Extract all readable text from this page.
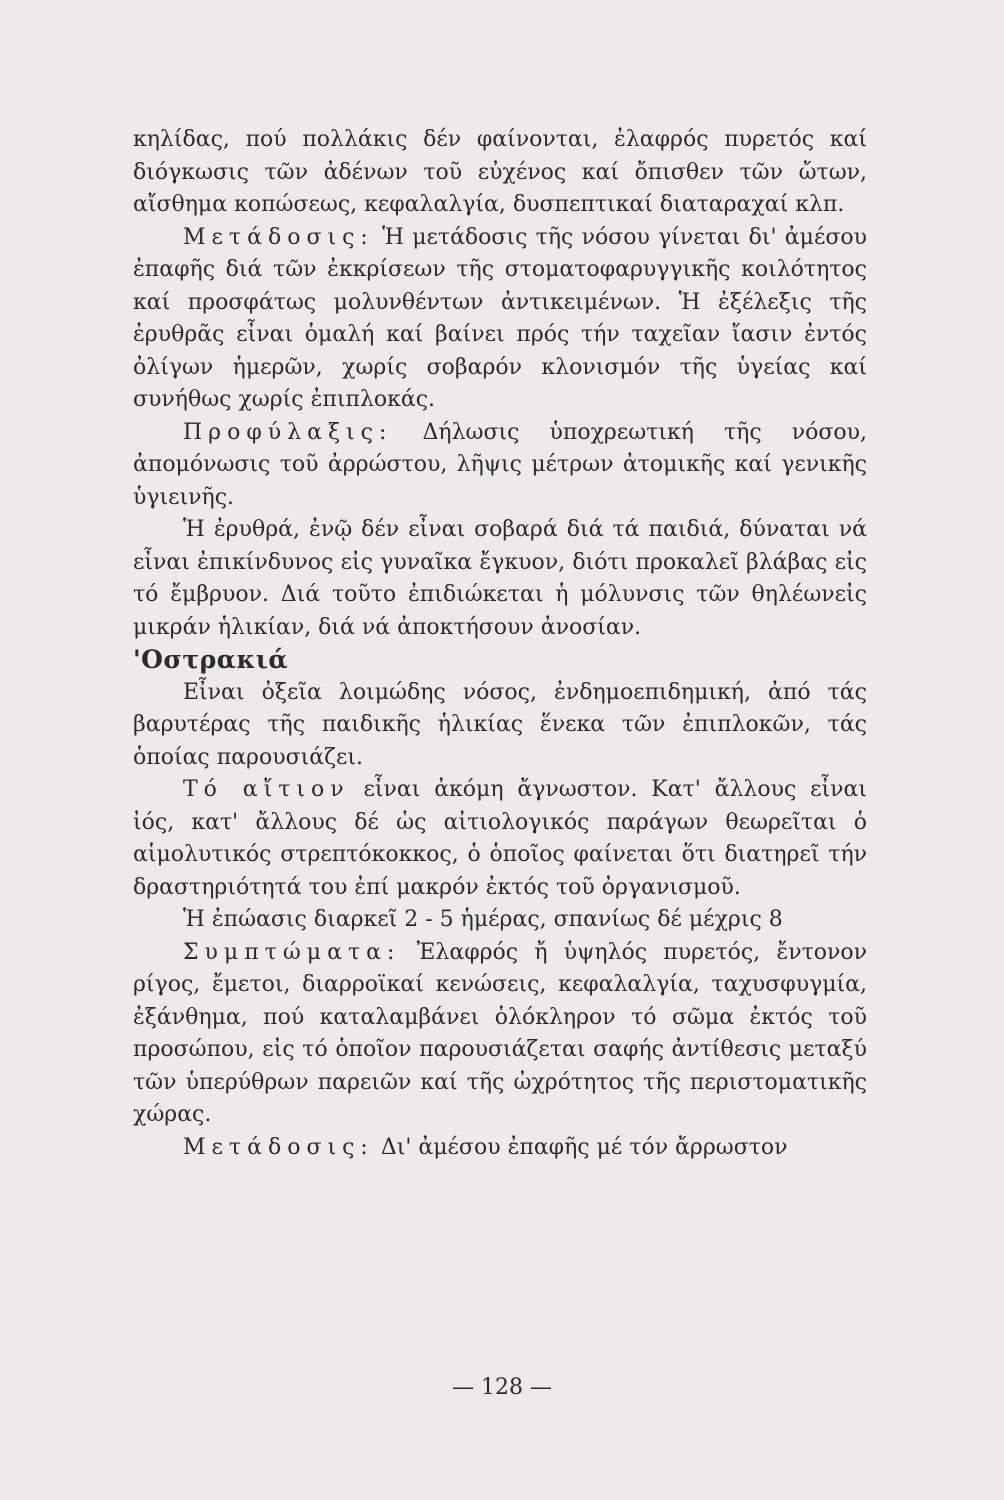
κηλίδας, πού πολλάκις δέν φαίνονται, ἐλαφρός πυρετός καί διόγκωσις τῶν ἀδένων τοῦ εὐχένος καί ὄπισθεν τῶν ὤτων, αἴσθημα κοπώσεως, κεφαλαλγία, δυσπεπτικαί διαταραχαί κλπ.

Μετάδοσις: Ἡ μετάδοσις τῆς νόσου γίνεται δι' ἀμέσου ἐπαφῆς διά τῶν ἐκκρίσεων τῆς στοματοφαρυγγικῆς κοιλότητος καί προσφάτως μολυνθέντων ἀντικειμένων. Ἡ ἐξέλεξις τῆς ἐρυθρᾶς εἶναι ὁμαλή καί βαίνει πρός τήν ταχεῖαν ἴασιν ἐντός ὀλίγων ἡμερῶν, χωρίς σοβαρόν κλονισμόν τῆς ὑγείας καί συνήθως χωρίς ἐπιπλοκάς.

Προφύλαξις: Δήλωσις ὑποχρεωτική τῆς νόσου, ἀπομόνωσις τοῦ ἀρρώστου, λῆψις μέτρων ἀτομικῆς καί γενικῆς ὑγιεινῆς.

Ἡ ἐρυθρά, ἐνῷ δέν εἶναι σοβαρά διά τά παιδιά, δύναται νά εἶναι ἐπικίνδυνος εἰς γυναῖκα ἔγκυον, διότι προκαλεῖ βλάβας εἰς τό ἔμβρυον. Διά τοῦτο ἐπιδιώκεται ἡ μόλυνσις τῶν θηλέωνεἰς μικράν ἡλικίαν, διά νά ἀποκτήσουν ἀνοσίαν.

'Οστρακιά

Εἶναι ὀξεῖα λοιμώδης νόσος, ἐνδημοεπιδημική, ἀπό τάς βαρυτέρας τῆς παιδικῆς ἡλικίας ἕνεκα τῶν ἐπιπλοκῶν, τάς ὁποίας παρουσιάζει.

Τό αἴτιον εἶναι ἀκόμη ἄγνωστον. Κατ' ἄλλους εἶναι ἰός, κατ' ἄλλους δέ ὡς αἰτιολογικός παράγων θεωρεῖται ὁ αἱμολυτικός στρεπτόκοκκος, ὁ ὁποῖος φαίνεται ὅτι διατηρεῖ τήν δραστηριότητά του ἐπί μακρόν ἐκτός τοῦ ὀργανισμοῦ.

Ἡ ἐπώασις διαρκεῖ 2 - 5 ἡμέρας, σπανίως δέ μέχρις 8

Συμπτώματα: Ἐλαφρός ἤ ὑψηλός πυρετός, ἔντονον ρίγος, ἔμετοι, διαρροϊκαί κενώσεις, κεφαλαλγία, ταχυσφυγμία, ἐξάνθημα, πού καταλαμβάνει ὁλόκληρον τό σῶμα ἐκτός τοῦ προσώπου, εἰς τό ὁποῖον παρουσιάζεται σαφής ἀντίθεσις μεταξύ τῶν ὑπερύθρων παρειῶν καί τῆς ὠχρότητος τῆς περιστοματικῆς χώρας.

Μετάδοσις: Δι' ἀμέσου ἐπαφῆς μέ τόν ἄρρωστον

— 128 —
